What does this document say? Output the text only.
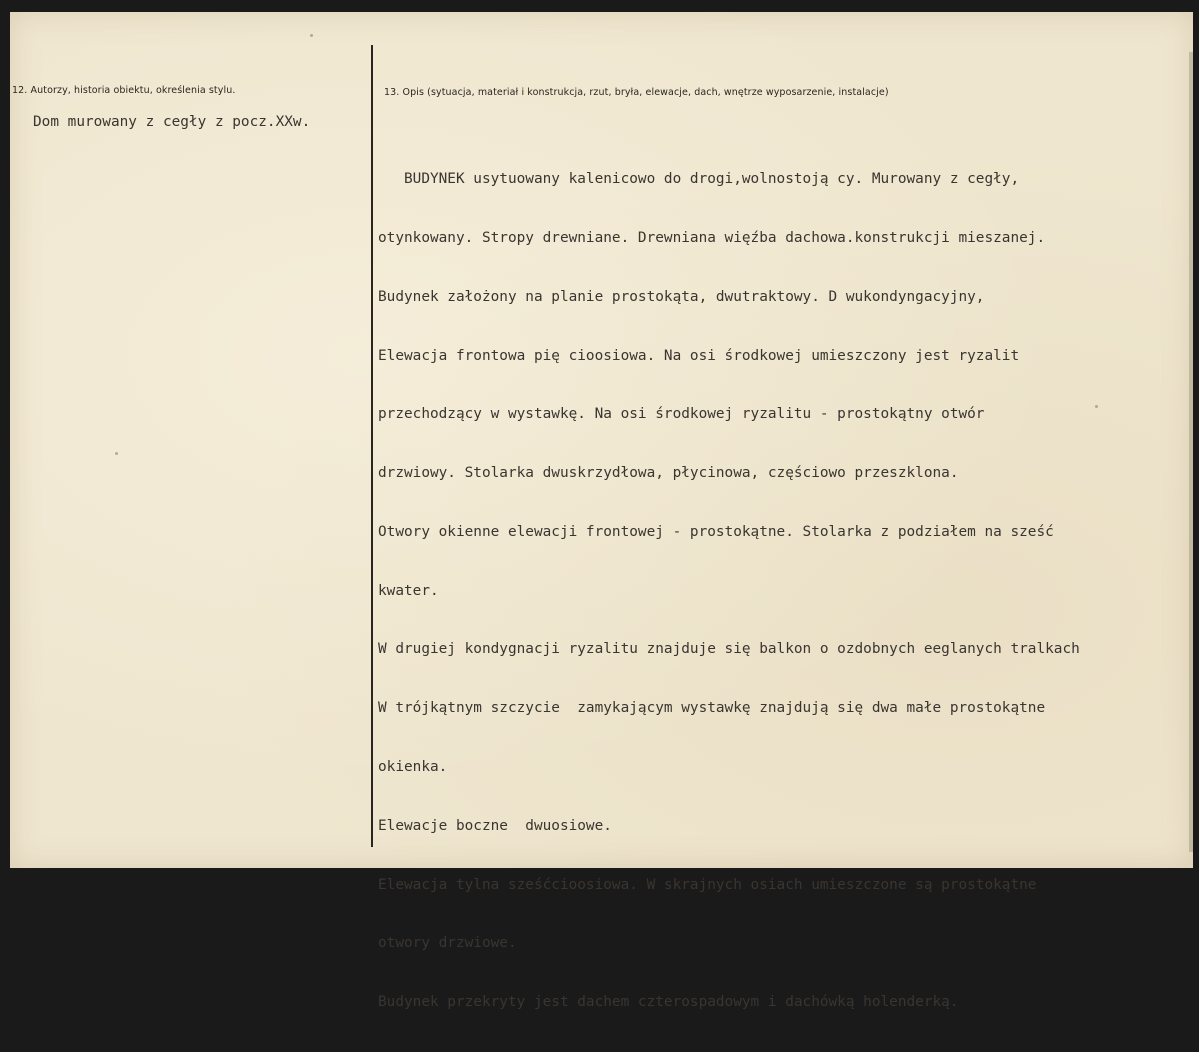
12. Autorzy, historia obiektu, określenia stylu.	13. Opis (sytuacja, materiał i konstrukcja, rzut, bryła, elewacje, dach, wnętrze wyposarzenie, instalacje)
Dom murowany z cegły z pocz.XXw.

BUDYNEK usytuowany kalenicowo do drogi,wolnostoją cy. Murowany z cegły,

otynkowany. Stropy drewniane. Drewniana więźba dachowa.konstrukcji mieszanej.

Budynek założony na planie prostokąta, dwutraktowy. D wukondyngacyjny,

Elewacja frontowa pię cioosiowa. Na osi środkowej umieszczony jest ryzalit

przechodzący w wystawkę. Na osi środkowej ryzalitu - prostokątny otwór

drzwiowy. Stolarka dwuskrzydłowa, płycinowa, częściowo przeszklona.

Otwory okienne elewacji frontowej - prostokątne. Stolarka z podziałem na sześć

kwater.

W drugiej kondygnacji ryzalitu znajduje się balkon o ozdobnych eeglanych tralkach

W trójkątnym szczycie  zamykającym wystawkę znajdują się dwa małe prostokątne

okienka.

Elewacje boczne  dwuosiowe.

Elewacja tylna sześćcioosiowa. W skrajnych osiach umieszczone są prostokątne

otwory drzwiowe.

Budynek przekryty jest dachem czterospadowym i dachówką holenderką.
